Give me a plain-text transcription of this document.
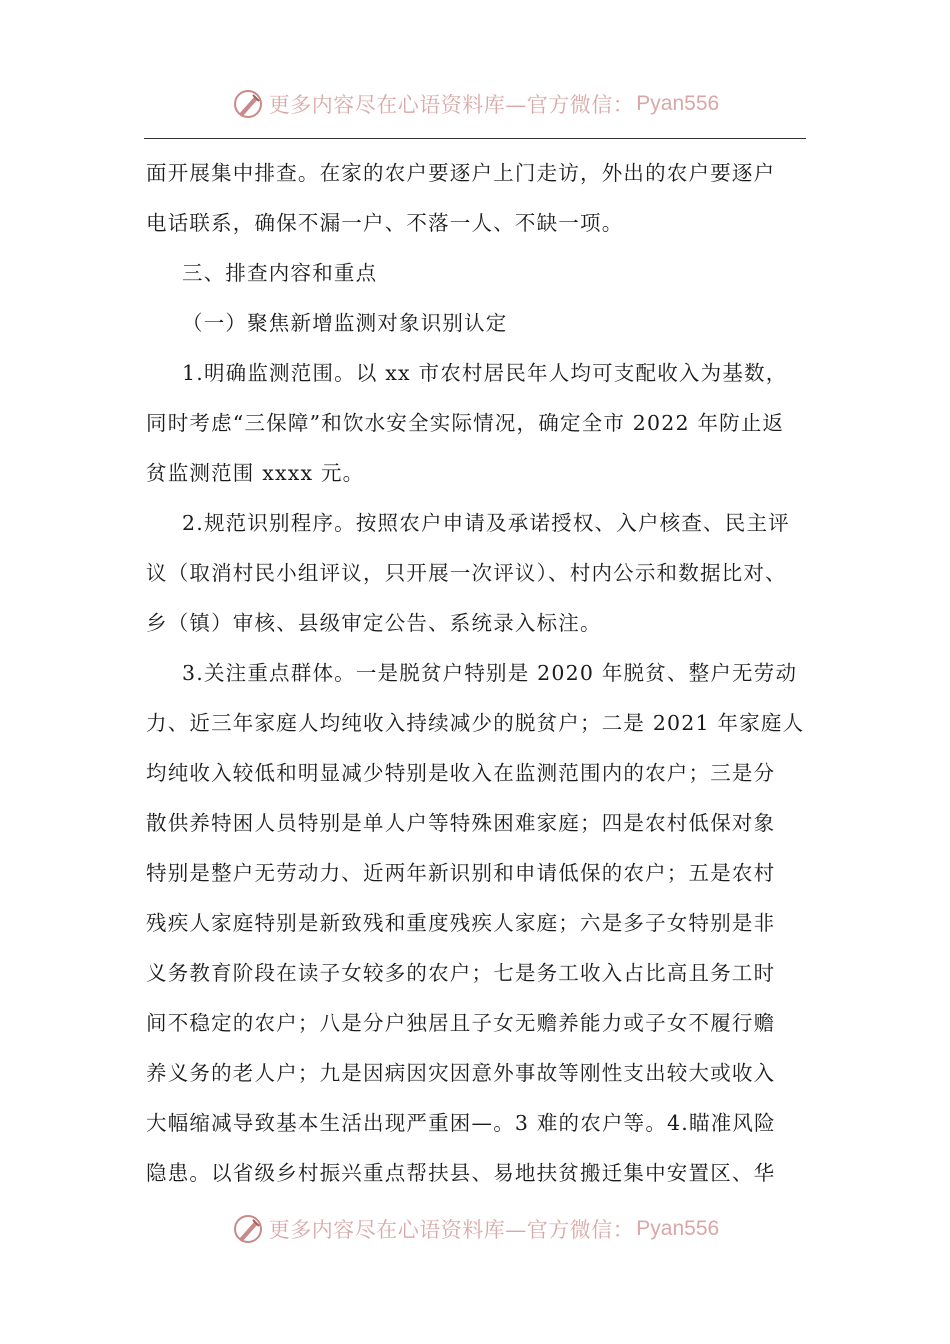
更多内容尽在心语资料库—官方微信： Pyan556
面开展集中排查。在家的农户要逐户上门走访，外出的农户要逐户
电话联系，确保不漏一户、不落一人、不缺一项。
三、排查内容和重点
（一）聚焦新增监测对象识别认定
1.明确监测范围。以 xx 市农村居民年人均可支配收入为基数，
同时考虑“三保障”和饮水安全实际情况，确定全市 2022 年防止返
贫监测范围 xxxx 元。
2.规范识别程序。按照农户申请及承诺授权、入户核查、民主评
议（取消村民小组评议，只开展一次评议）、村内公示和数据比对、
乡（镇）审核、县级审定公告、系统录入标注。
3.关注重点群体。一是脱贫户特别是 2020 年脱贫、整户无劳动
力、近三年家庭人均纯收入持续减少的脱贫户；二是 2021 年家庭人
均纯收入较低和明显减少特别是收入在监测范围内的农户；三是分
散供养特困人员特别是单人户等特殊困难家庭；四是农村低保对象
特别是整户无劳动力、近两年新识别和申请低保的农户；五是农村
残疾人家庭特别是新致残和重度残疾人家庭；六是多子女特别是非
义务教育阶段在读子女较多的农户；七是务工收入占比高且务工时
间不稳定的农户；八是分户独居且子女无赡养能力或子女不履行赡
养义务的老人户；九是因病因灾因意外事故等刚性支出较大或收入
大幅缩减导致基本生活出现严重困—。3 难的农户等。4.瞄准风险
隐患。以省级乡村振兴重点帮扶县、易地扶贫搬迁集中安置区、华
更多内容尽在心语资料库—官方微信： Pyan556
